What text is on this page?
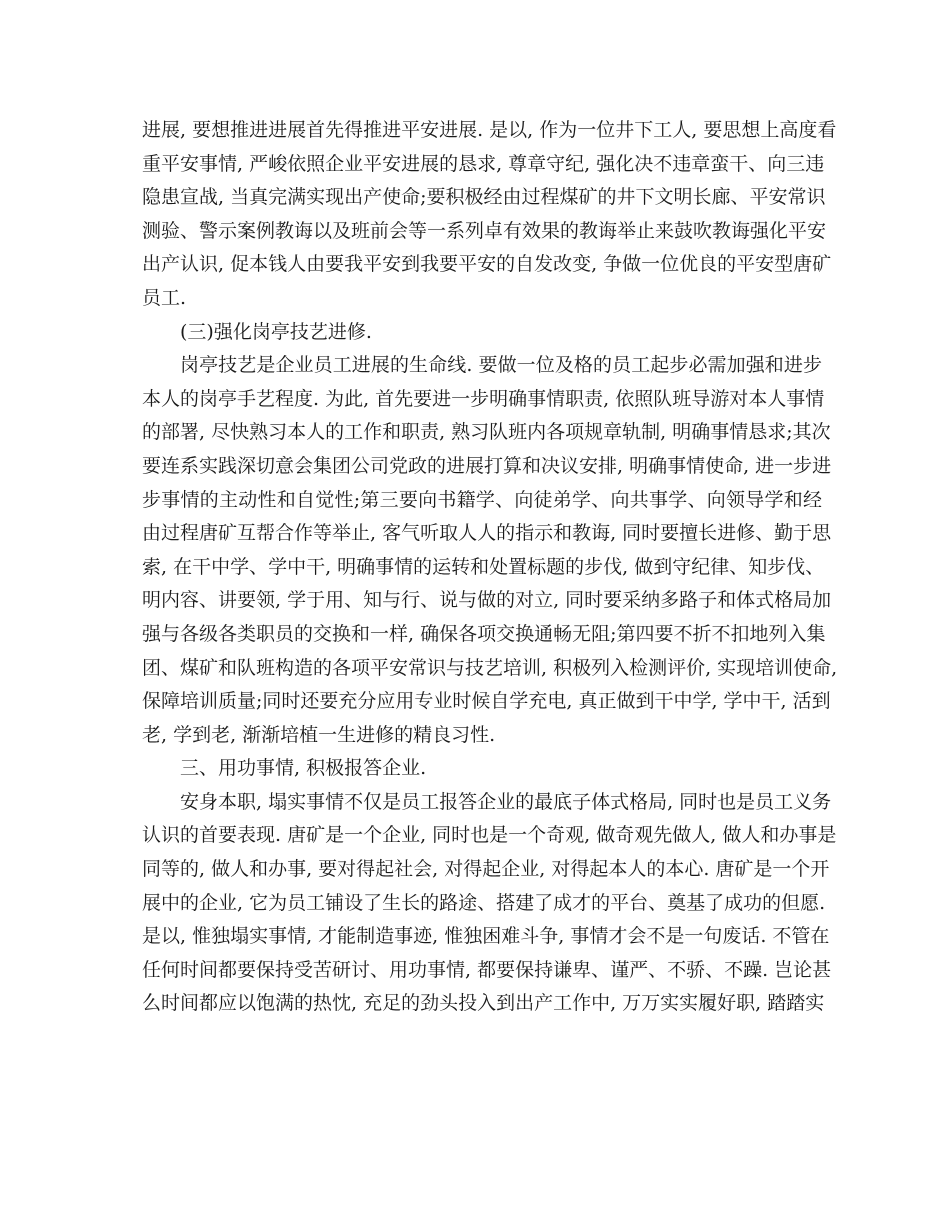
进展, 要想推进进展首先得推进平安进展. 是以, 作为一位井下工人, 要思想上高度看
重平安事情, 严峻依照企业平安进展的恳求, 尊章守纪, 强化决不违章蛮干、向三违
隐患宣战, 当真完满实现出产使命;要积极经由过程煤矿的井下文明长廊、平安常识
测验、警示案例教诲以及班前会等一系列卓有效果的教诲举止来鼓吹教诲强化平安
出产认识, 促本钱人由要我平安到我要平安的自发改变, 争做一位优良的平安型唐矿
员工.
(三)强化岗亭技艺进修.
岗亭技艺是企业员工进展的生命线. 要做一位及格的员工起步必需加强和进步
本人的岗亭手艺程度. 为此, 首先要进一步明确事情职责, 依照队班导游对本人事情
的部署, 尽快熟习本人的工作和职责, 熟习队班内各项规章轨制, 明确事情恳求;其次
要连系实践深切意会集团公司党政的进展打算和决议安排, 明确事情使命, 进一步进
步事情的主动性和自觉性;第三要向书籍学、向徒弟学、向共事学、向领导学和经
由过程唐矿互帮合作等举止, 客气听取人人的指示和教诲, 同时要擅长进修、勤于思
索, 在干中学、学中干, 明确事情的运转和处置标题的步伐, 做到守纪律、知步伐、
明内容、讲要领, 学于用、知与行、说与做的对立, 同时要采纳多路子和体式格局加
强与各级各类职员的交换和一样, 确保各项交换通畅无阻;第四要不折不扣地列入集
团、煤矿和队班构造的各项平安常识与技艺培训, 积极列入检测评价, 实现培训使命,
保障培训质量;同时还要充分应用专业时候自学充电, 真正做到干中学, 学中干, 活到
老, 学到老, 渐渐培植一生进修的精良习性.
三、用功事情, 积极报答企业.
安身本职, 塌实事情不仅是员工报答企业的最底子体式格局, 同时也是员工义务
认识的首要表现. 唐矿是一个企业, 同时也是一个奇观, 做奇观先做人, 做人和办事是
同等的, 做人和办事, 要对得起社会, 对得起企业, 对得起本人的本心. 唐矿是一个开
展中的企业, 它为员工铺设了生长的路途、搭建了成才的平台、奠基了成功的但愿.
是以, 惟独塌实事情, 才能制造事迹, 惟独困难斗争, 事情才会不是一句废话. 不管在
任何时间都要保持受苦研讨、用功事情, 都要保持谦卑、谨严、不骄、不躁. 岂论甚
么时间都应以饱满的热忱, 充足的劲头投入到出产工作中, 万万实实履好职, 踏踏实
